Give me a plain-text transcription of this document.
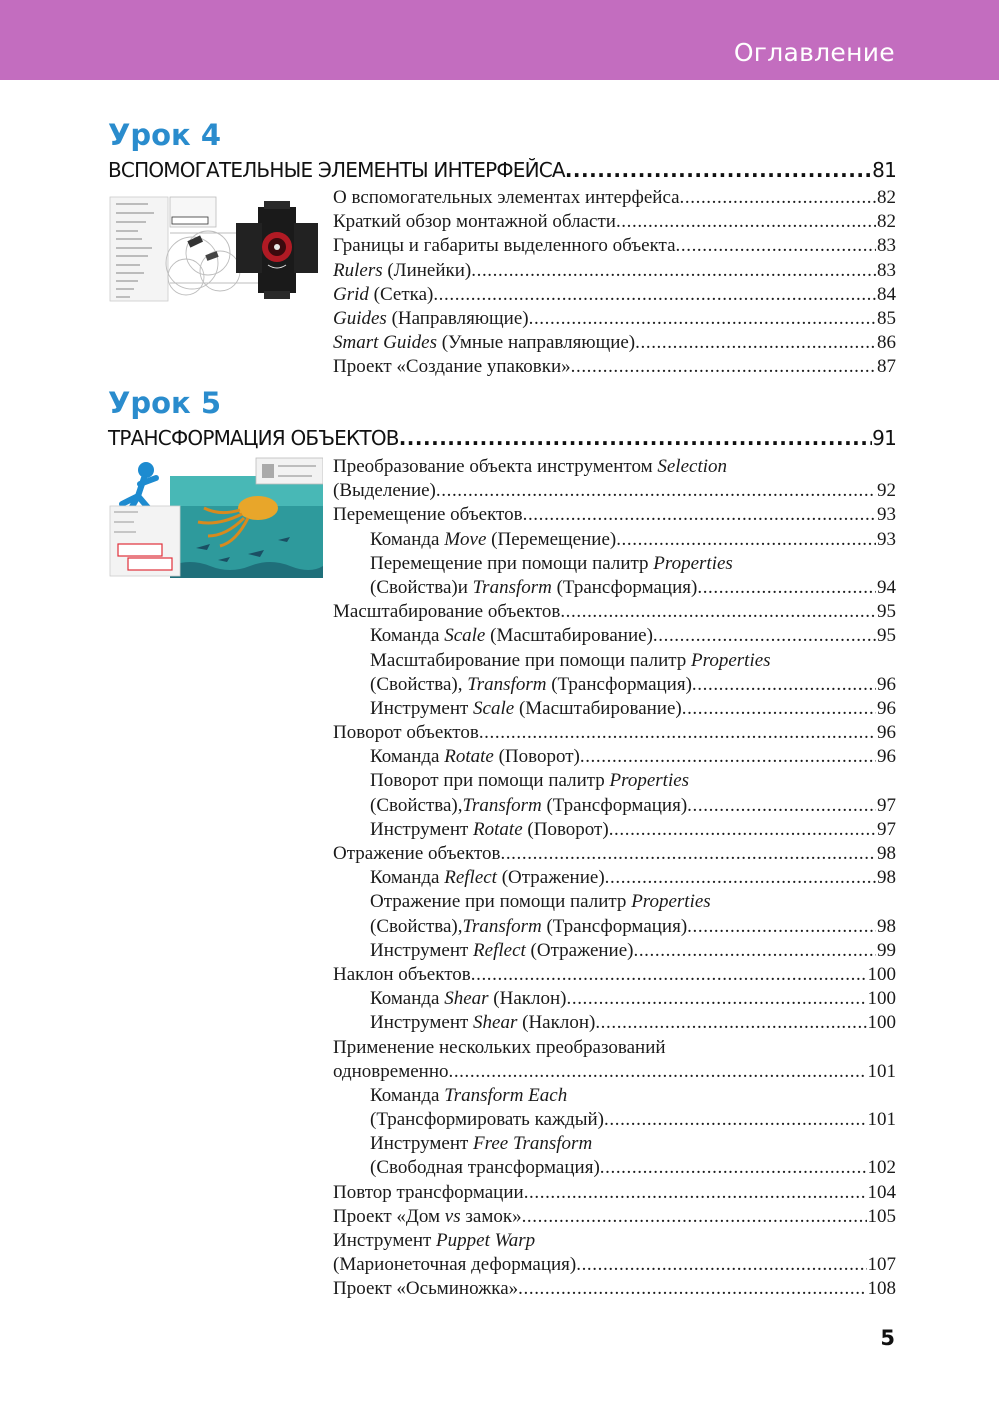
Оглавление
Урок 4
ВСПОМОГАТЕЛЬНЫЕ ЭЛЕМЕНТЫ ИНТЕРФЕЙСА .....	81
О вспомогательных элементах интерфейса .....	82
Краткий обзор монтажной области .....	82
Границы и габариты выделенного объекта .....	83
Rulers (Линейки) .....	83
Grid (Сетка) .....	84
Guides (Направляющие) .....	85
Smart Guides (Умные направляющие) .....	86
Проект «Создание упаковки» .....	87
Урок 5
ТРАНСФОРМАЦИЯ ОБЪЕКТОВ .....	91
Преобразование объекта инструментом Selection
(Выделение) .....	92
Перемещение объектов .....	93
Команда Move (Перемещение) .....	93
Перемещение при помощи палитр Properties
(Свойства)и Transform (Трансформация) .....	94
Масштабирование объектов .....	95
Команда Scale (Масштабирование) .....	95
Масштабирование при помощи палитр Properties
(Свойства), Transform (Трансформация) .....	96
Инструмент Scale (Масштабирование) .....	96
Поворот объектов .....	96
Команда Rotate (Поворот) .....	96
Поворот при помощи палитр Properties
(Свойства),Transform (Трансформация) .....	97
Инструмент Rotate (Поворот) .....	97
Отражение объектов .....	98
Команда Reflect (Отражение) .....	98
Отражение при помощи палитр Properties
(Свойства),Transform (Трансформация) .....	98
Инструмент Reflect (Отражение) .....	99
Наклон объектов .....	100
Команда Shear (Наклон) .....	100
Инструмент Shear (Наклон) .....	100
Применение нескольких преобразований
одновременно .....	101
Команда Transform Each
(Трансформировать каждый) .....	101
Инструмент Free Transform
(Свободная трансформация) .....	102
Повтор трансформации .....	104
Проект «Дом vs замок» .....	105
Инструмент Puppet Warp
(Марионеточная деформация) .....	107
Проект «Осьминожка» .....	108
5
